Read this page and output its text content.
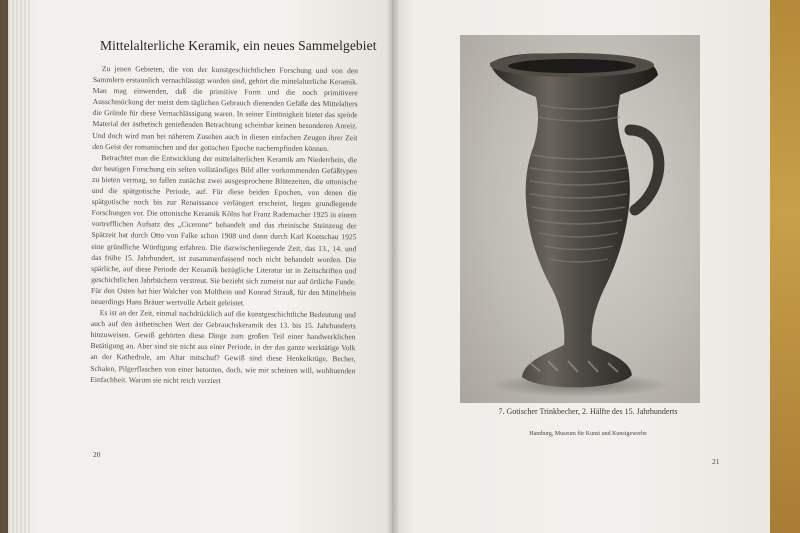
Mittelalterliche Keramik, ein neues Sammelgebiet

Zu jenen Gebieten, die von der kunstgeschichtlichen Forschung und von den Sammlern erstaunlich vernachlässigt worden sind, gehört die mittelalterliche Keramik. Man mag einwenden, daß die primitive Form und die noch primitivere Ausschmückung der meist dem täglichen Gebrauch dienenden Gefäße des Mittelalters die Gründe für diese Vernachlässigung waren. In seiner Eintönigkeit bietet das spröde Material der ästhetisch genießenden Betrachtung scheinbar keinen besonderen Anreiz. Und doch wird man bei näherem Zusehen auch in diesen einfachen Zeugen ihrer Zeit den Geist der romanischen und der gotischen Epoche nachempfinden können.

Betrachtet man die Entwicklung der mittelalterlichen Keramik am Niederrhein, die der heutigen Forschung ein selten vollständiges Bild aller vorkommenden Gefäßtypen zu bieten vermag, so fallen zunächst zwei ausgesprochene Blütezeiten, die ottonische und die spätgotische Periode, auf. Für diese beiden Epochen, von denen die spätgotische noch bis zur Renaissance verlängert erscheint, liegen grundlegende Forschungen vor. Die ottonische Keramik Kölns hat Franz Rademacher 1925 in einem vortrefflichen Aufsatz des „Cicerone“ behandelt und das rheinische Steinzeug der Spätzeit hat durch Otto von Falke schon 1908 und dann durch Karl Koetschau 1925 eine gründliche Würdigung erfahren. Die dazwischenliegende Zeit, das 13., 14. und das frühe 15. Jahrhundert, ist zusammenfassend noch nicht behandelt worden. Die spärliche, auf diese Periode der Keramik bezügliche Literatur ist in Zeitschriften und geschichtlichen Jahrbüchern verstreut. Sie bezieht sich zumeist nur auf örtliche Funde. Für den Osten hat hier Walcher von Molthein und Konrad Strauß, für den Mittelrhein neuerdings Hans Bräuer wertvolle Arbeit geleistet.

Es ist an der Zeit, einmal nachdrücklich auf die kunstgeschichtliche Bedeutung und auch auf den ästhetischen Wert der Gebrauchskeramik des 13. bis 15. Jahrhunderts hinzuweisen. Gewiß gehörten diese Dinge zum großen Teil einer handwerklichen Betätigung an. Aber sind sie nicht aus einer Periode, in der das ganze werktätige Volk an der Kathedrale, am Altar mitschuf? Gewiß sind diese Henkelkrüge, Becher, Schalen, Pilgerflaschen von einer betonten, doch, wie mir scheinen will, wohltuenden Einfachheit. Warum sie nicht reich verziert

20
7. Gotischer Trinkbecher, 2. Hälfte des 15. Jahrhunderts
Hamburg, Museum für Kunst und Kunstgewerbe
21
